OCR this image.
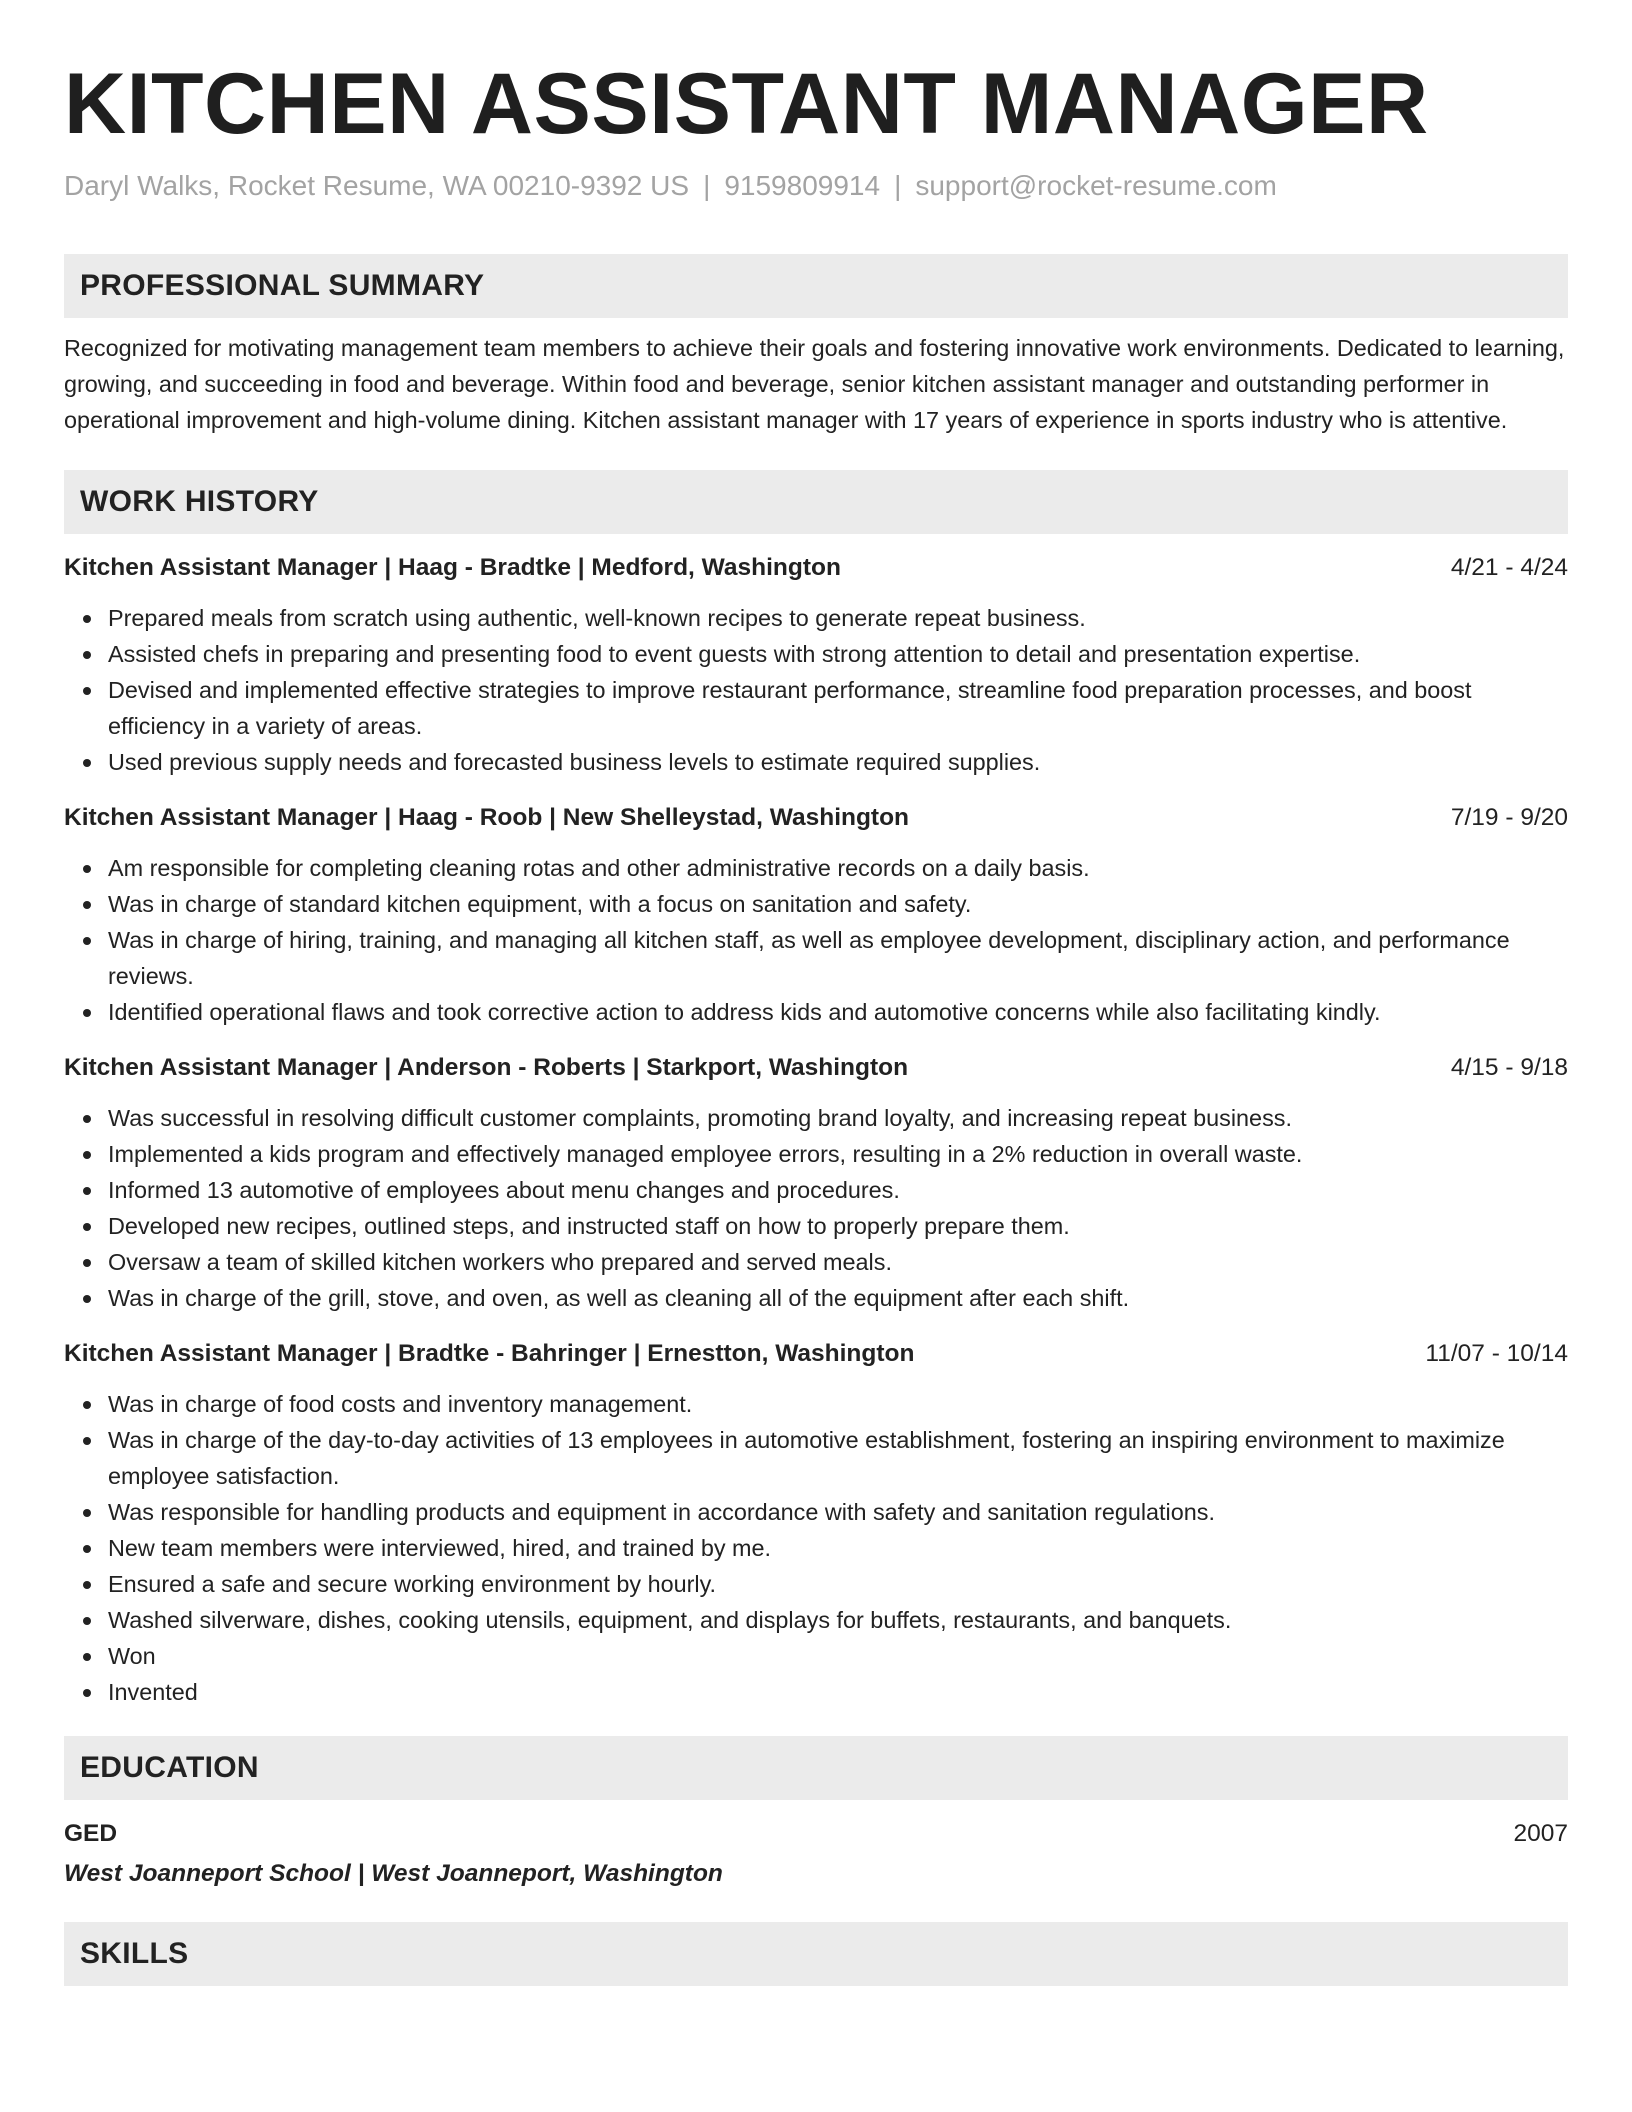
KITCHEN ASSISTANT MANAGER
Daryl Walks, Rocket Resume, WA 00210-9392 US | 9159809914 | support@rocket-resume.com
PROFESSIONAL SUMMARY

Recognized for motivating management team members to achieve their goals and fostering innovative work environments. Dedicated to learning, growing, and succeeding in food and beverage. Within food and beverage, senior kitchen assistant manager and outstanding performer in operational improvement and high-volume dining. Kitchen assistant manager with 17 years of experience in sports industry who is attentive.

WORK HISTORY
Kitchen Assistant Manager | Haag - Bradtke | Medford, Washington	4/21 - 4/24
Prepared meals from scratch using authentic, well-known recipes to generate repeat business.
Assisted chefs in preparing and presenting food to event guests with strong attention to detail and presentation expertise.
Devised and implemented effective strategies to improve restaurant performance, streamline food preparation processes, and boost efficiency in a variety of areas.
Used previous supply needs and forecasted business levels to estimate required supplies.
Kitchen Assistant Manager | Haag - Roob | New Shelleystad, Washington	7/19 - 9/20
Am responsible for completing cleaning rotas and other administrative records on a daily basis.
Was in charge of standard kitchen equipment, with a focus on sanitation and safety.
Was in charge of hiring, training, and managing all kitchen staff, as well as employee development, disciplinary action, and performance reviews.
Identified operational flaws and took corrective action to address kids and automotive concerns while also facilitating kindly.
Kitchen Assistant Manager | Anderson - Roberts | Starkport, Washington	4/15 - 9/18
Was successful in resolving difficult customer complaints, promoting brand loyalty, and increasing repeat business.
Implemented a kids program and effectively managed employee errors, resulting in a 2% reduction in overall waste.
Informed 13 automotive of employees about menu changes and procedures.
Developed new recipes, outlined steps, and instructed staff on how to properly prepare them.
Oversaw a team of skilled kitchen workers who prepared and served meals.
Was in charge of the grill, stove, and oven, as well as cleaning all of the equipment after each shift.
Kitchen Assistant Manager | Bradtke - Bahringer | Ernestton, Washington	11/07 - 10/14
Was in charge of food costs and inventory management.
Was in charge of the day-to-day activities of 13 employees in automotive establishment, fostering an inspiring environment to maximize employee satisfaction.
Was responsible for handling products and equipment in accordance with safety and sanitation regulations.
New team members were interviewed, hired, and trained by me.
Ensured a safe and secure working environment by hourly.
Washed silverware, dishes, cooking utensils, equipment, and displays for buffets, restaurants, and banquets.
Won
Invented
EDUCATION
GED	2007
West Joanneport School | West Joanneport, Washington
SKILLS
